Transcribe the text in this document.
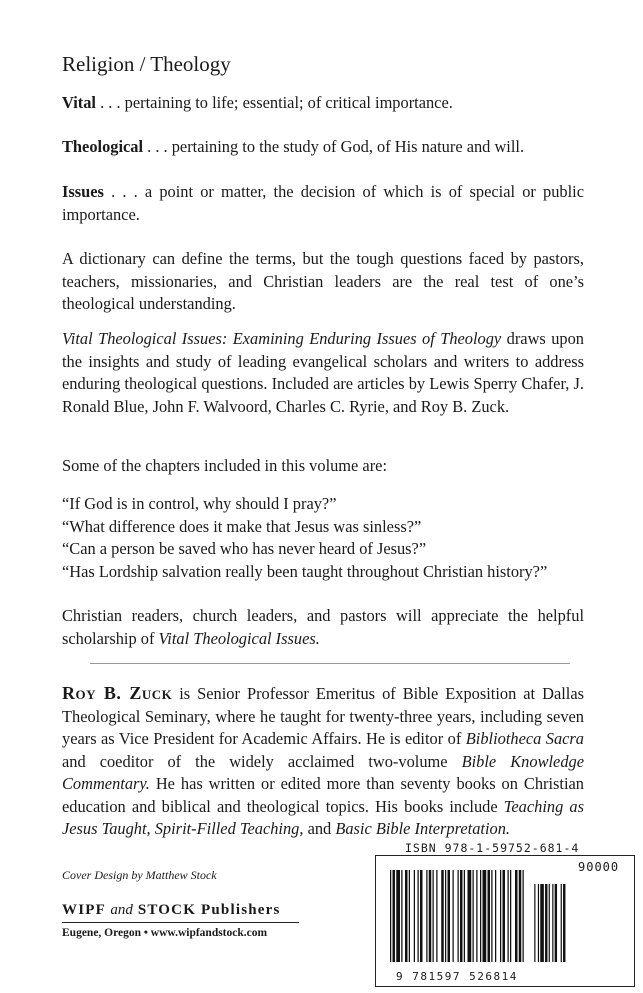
Religion / Theology

Vital . . . pertaining to life; essential; of critical importance.

Theological . . . pertaining to the study of God, of His nature and will.

Issues . . . a point or matter, the decision of which is of special or public importance.

A dictionary can define the terms, but the tough questions faced by pastors, teachers, missionaries, and Christian leaders are the real test of one’s theological understanding.

Vital Theological Issues: Examining Enduring Issues of Theology draws upon the insights and study of leading evangelical scholars and writers to address enduring theological questions. Included are articles by Lewis Sperry Chafer, J. Ronald Blue, John F. Walvoord, Charles C. Ryrie, and Roy B. Zuck.

Some of the chapters included in this volume are:

“If God is in control, why should I pray?”
“What difference does it make that Jesus was sinless?”
“Can a person be saved who has never heard of Jesus?”
“Has Lordship salvation really been taught throughout Christian history?”

Christian readers, church leaders, and pastors will appreciate the helpful scholarship of Vital Theological Issues.

Roy B. Zuck is Senior Professor Emeritus of Bible Exposition at Dallas Theological Seminary, where he taught for twenty-three years, including seven years as Vice President for Academic Affairs. He is editor of Bibliotheca Sacra and coeditor of the widely acclaimed two-volume Bible Knowledge Commentary. He has written or edited more than seventy books on Christian education and biblical and theological topics. His books include Teaching as Jesus Taught, Spirit-Filled Teaching, and Basic Bible Interpretation.
Cover Design by Matthew Stock
WIPF and STOCK Publishers
Eugene, Oregon • www.wipfandstock.com
ISBN 978-1-59752-681-4
90000
9 781597 526814
